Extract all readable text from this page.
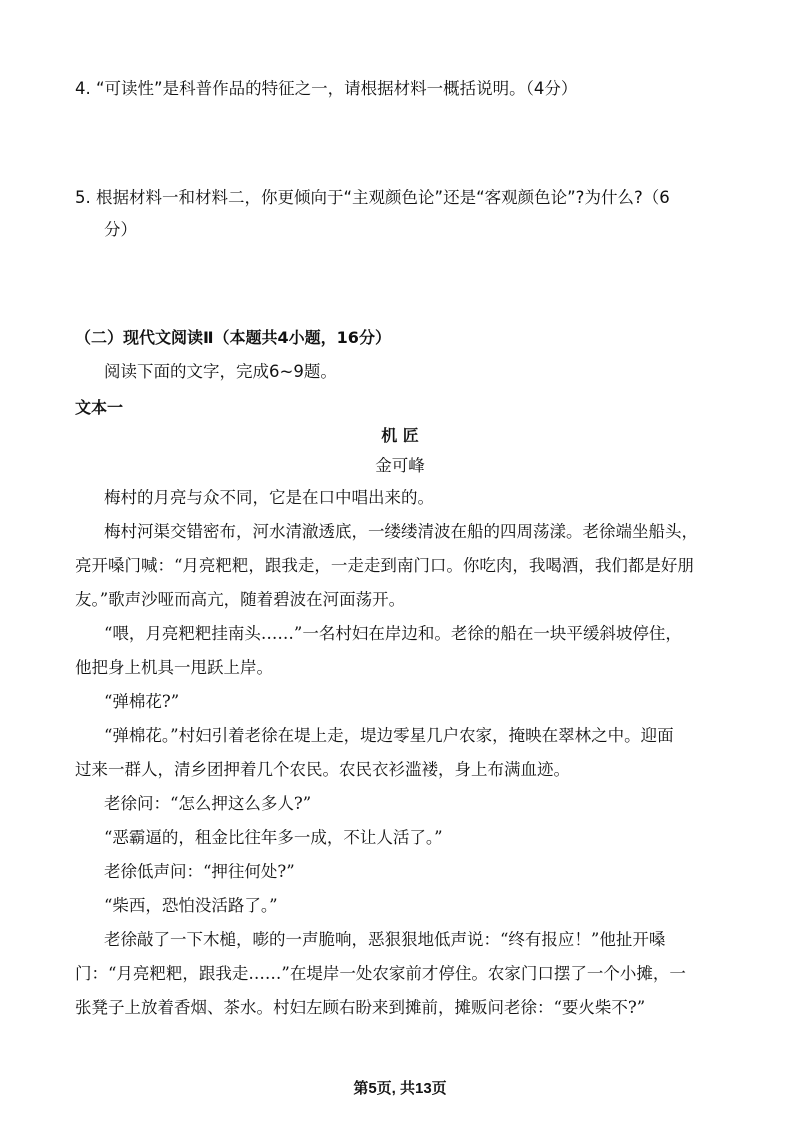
4. “可读性”是科普作品的特征之一，请根据材料一概括说明。（4分）
5. 根据材料一和材料二，你更倾向于“主观颜色论”还是“客观颜色论”?为什么?（6
分）
（二）现代文阅读Ⅱ（本题共4小题，16分）
阅读下面的文字，完成6~9题。
文本一
机 匠
金可峰
梅村的月亮与众不同，它是在口中唱出来的。
梅村河渠交错密布，河水清澈透底，一缕缕清波在船的四周荡漾。老徐端坐船头，
亮开嗓门喊：“月亮粑粑，跟我走，一走走到南门口。你吃肉，我喝酒，我们都是好朋
友。”歌声沙哑而高亢，随着碧波在河面荡开。
“喂，月亮粑粑挂南头……”一名村妇在岸边和。老徐的船在一块平缓斜坡停住，
他把身上机具一甩跃上岸。
“弹棉花?”
“弹棉花。”村妇引着老徐在堤上走，堤边零星几户农家，掩映在翠林之中。迎面
过来一群人，清乡团押着几个农民。农民衣衫滥褛，身上布满血迹。
老徐问：“怎么押这么多人?”
“恶霸逼的，租金比往年多一成，不让人活了。”
老徐低声问：“押往何处?”
“柴西，恐怕没活路了。”
老徐敲了一下木槌，嘭的一声脆响，恶狠狠地低声说：“终有报应！”他扯开嗓
门：“月亮粑粑，跟我走……”在堤岸一处农家前才停住。农家门口摆了一个小摊，一
张凳子上放着香烟、茶水。村妇左顾右盼来到摊前，摊贩问老徐：“要火柴不?”
第5页, 共13页
